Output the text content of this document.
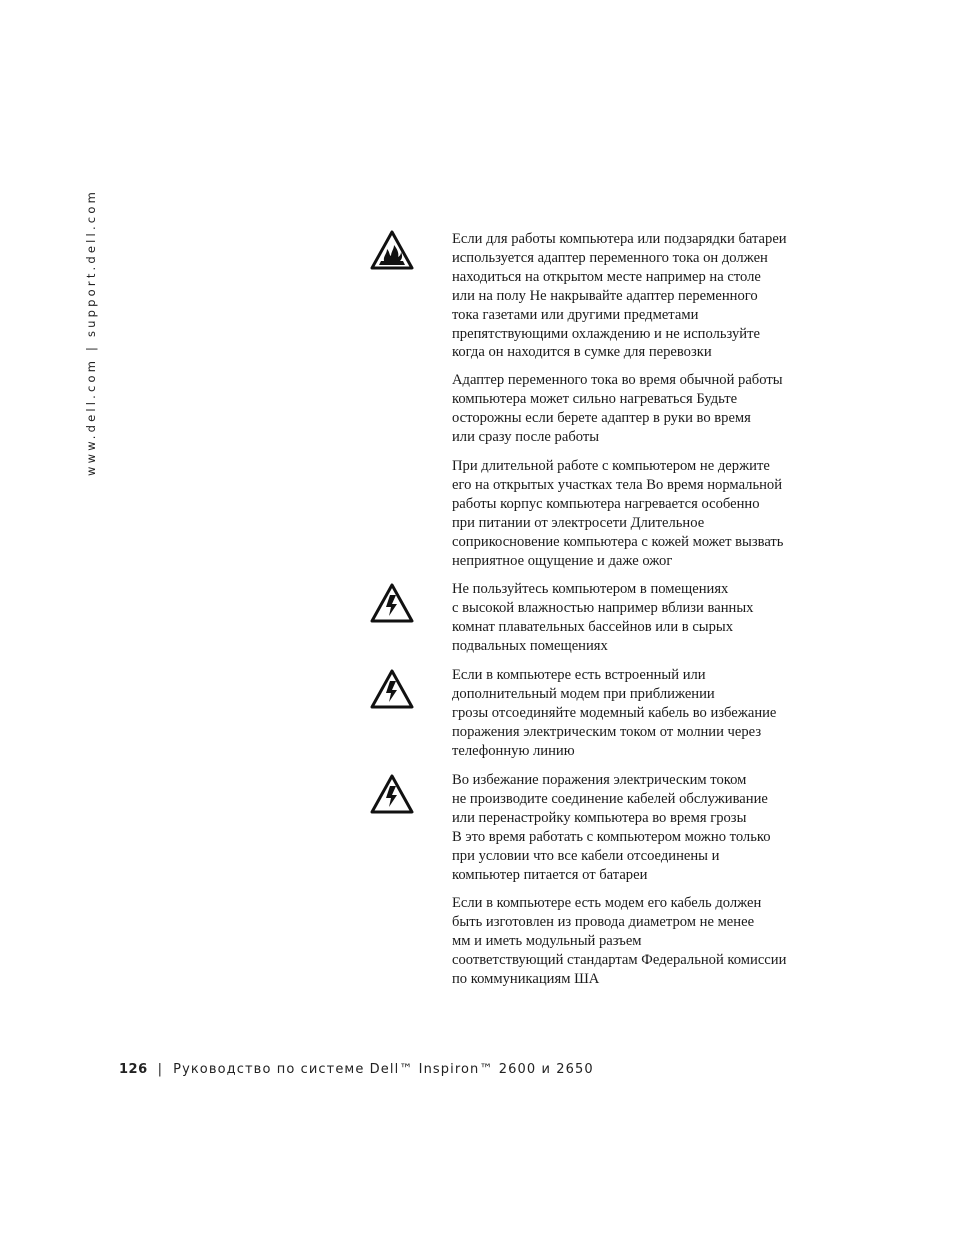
www.dell.com | support.dell.com	Если для работы компьютера или подзарядки батареи
используется адаптер переменного тока он должен
находиться на открытом месте например на столе
или на полу Не накрывайте адаптер переменного
тока газетами или другими предметами
препятствующими охлаждению и не используйте
когда он находится в сумке для перевозки
Адаптер переменного тока во время обычной работы
компьютера может сильно нагреваться Будьте
осторожны если берете адаптер в руки во время
или сразу после работы
При длительной работе с компьютером не держите
его на открытых участках тела Во время нормальной
работы корпус компьютера нагревается особенно
при питании от электросети Длительное
соприкосновение компьютера с кожей может вызвать
неприятное ощущение и даже ожог
Не пользуйтесь компьютером в помещениях
с высокой влажностью например вблизи ванных
комнат плавательных бассейнов или в сырых
подвальных помещениях
Если в компьютере есть встроенный или
дополнительный модем при приближении
грозы отсоединяйте модемный кабель во избежание
поражения электрическим током от молнии через
телефонную линию
Во избежание поражения электрическим током
не производите соединение кабелей обслуживание
или перенастройку компьютера во время грозы
В это время работать с компьютером можно только
при условии что все кабели отсоединены и
компьютер питается от батареи
Если в компьютере есть модем его кабель должен
быть изготовлен из провода диаметром не менее
мм и иметь модульный разъем
соответствующий стандартам Федеральной комиссии
по коммуникациям ША
126 | Руководство по системе Dell™ Inspiron™ 2600 и 2650
